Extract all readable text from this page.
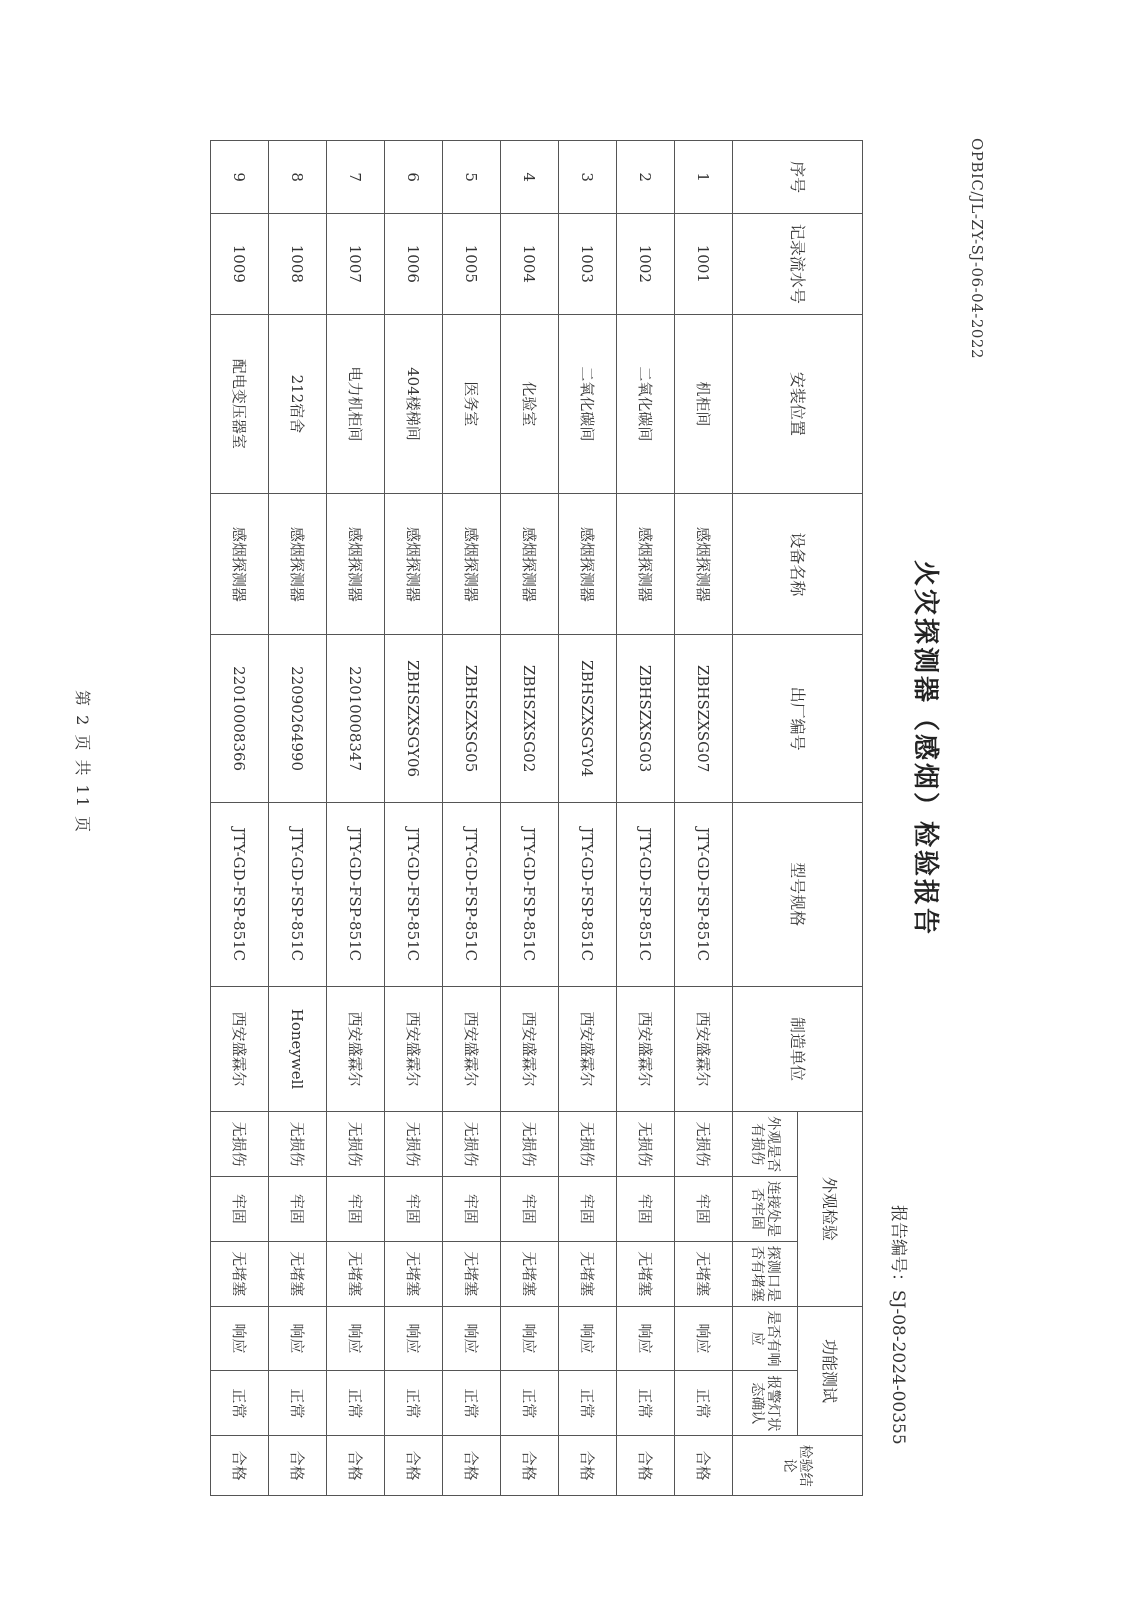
OPBIC/JL-ZY-SJ-06-04-2022
火灾探测器（感烟）检验报告
报告编号：SJ-08-2024-00355
序号	记录流水号	安装位置	设备名称	出厂编号	型号规格	制造单位	外观检验			功能测试		检验结论
							外观是否有损伤	连接处是否牢固	探测口是否有堵塞	是否有响应	报警灯状态确认	
1	1001	机柜间	感烟探测器	ZBHSZXSG07	JTY-GD-FSP-851C	西安盛霖尔	无损伤	牢固	无堵塞	响应	正常	合格
2	1002	二氧化碳间	感烟探测器	ZBHSZXSG03	JTY-GD-FSP-851C	西安盛霖尔	无损伤	牢固	无堵塞	响应	正常	合格
3	1003	二氧化碳间	感烟探测器	ZBHSZXSGY04	JTY-GD-FSP-851C	西安盛霖尔	无损伤	牢固	无堵塞	响应	正常	合格
4	1004	化验室	感烟探测器	ZBHSZXSG02	JTY-GD-FSP-851C	西安盛霖尔	无损伤	牢固	无堵塞	响应	正常	合格
5	1005	医务室	感烟探测器	ZBHSZXSG05	JTY-GD-FSP-851C	西安盛霖尔	无损伤	牢固	无堵塞	响应	正常	合格
6	1006	404楼梯间	感烟探测器	ZBHSZXSGY06	JTY-GD-FSP-851C	西安盛霖尔	无损伤	牢固	无堵塞	响应	正常	合格
7	1007	电力机柜间	感烟探测器	22010008347	JTY-GD-FSP-851C	西安盛霖尔	无损伤	牢固	无堵塞	响应	正常	合格
8	1008	212宿舍	感烟探测器	22090264990	JTY-GD-FSP-851C	Honeywell	无损伤	牢固	无堵塞	响应	正常	合格
9	1009	配电变压器室	感烟探测器	22010008366	JTY-GD-FSP-851C	西安盛霖尔	无损伤	牢固	无堵塞	响应	正常	合格
第 2 页 共 11 页
